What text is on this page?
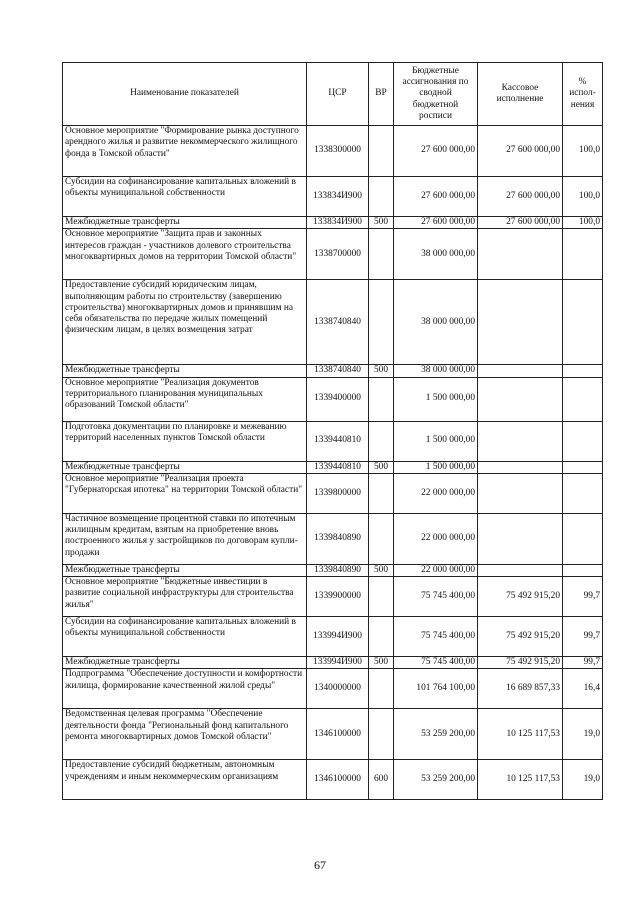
Наименование показателей	ЦСР	ВР	Бюджетные ассигнования по сводной бюджетной росписи	Кассовое исполнение	% испол-нения
Основное мероприятие "Формирование рынка доступного арендного жилья и развитие некоммерческого жилищного фонда в Томской области"	1338300000		27 600 000,00	27 600 000,00	100,0
Субсидии на софинансирование капитальных вложений в объекты муниципальной собственности	133834И900		27 600 000,00	27 600 000,00	100,0
Межбюджетные трансферты	133834И900	500	27 600 000,00	27 600 000,00	100,0
Основное мероприятие "Защита прав и законных интересов граждан - участников долевого строительства многоквартирных домов на территории Томской области"	1338700000		38 000 000,00		
Предоставление субсидий юридическим лицам, выполняющим работы по строительству (завершению строительства) многоквартирных домов и принявшим на себя обязательства по передаче жилых помещений физическим лицам, в целях возмещения затрат	1338740840		38 000 000,00		
Межбюджетные трансферты	1338740840	500	38 000 000,00		
Основное мероприятие "Реализация документов территориального планирования муниципальных образований Томской области"	1339400000		1 500 000,00		
Подготовка документации по планировке и межеванию территорий населенных пунктов Томской области	1339440810		1 500 000,00		
Межбюджетные трансферты	1339440810	500	1 500 000,00		
Основное мероприятие "Реализация проекта "Губернаторская ипотека" на территории Томской области"	1339800000		22 000 000,00		
Частичное возмещение процентной ставки по ипотечным жилищным кредитам, взятым на приобретение вновь построенного жилья у застройщиков по договорам купли-продажи	1339840890		22 000 000,00		
Межбюджетные трансферты	1339840890	500	22 000 000,00		
Основное мероприятие "Бюджетные инвестиции в развитие социальной инфраструктуры для строительства жилья"	1339900000		75 745 400,00	75 492 915,20	99,7
Субсидии на софинансирование капитальных вложений в объекты муниципальной собственности	133994И900		75 745 400,00	75 492 915,20	99,7
Межбюджетные трансферты	133994И900	500	75 745 400,00	75 492 915,20	99,7
Подпрограмма "Обеспечение доступности и комфортности жилища, формирование качественной жилой среды"	1340000000		101 764 100,00	16 689 857,33	16,4
Ведомственная целевая программа "Обеспечение деятельности фонда "Региональный фонд капитального ремонта многоквартирных домов Томской области"	1346100000		53 259 200,00	10 125 117,53	19,0
Предоставление субсидий бюджетным, автономным учреждениям и иным некоммерческим организациям	1346100000	600	53 259 200,00	10 125 117,53	19,0
67
